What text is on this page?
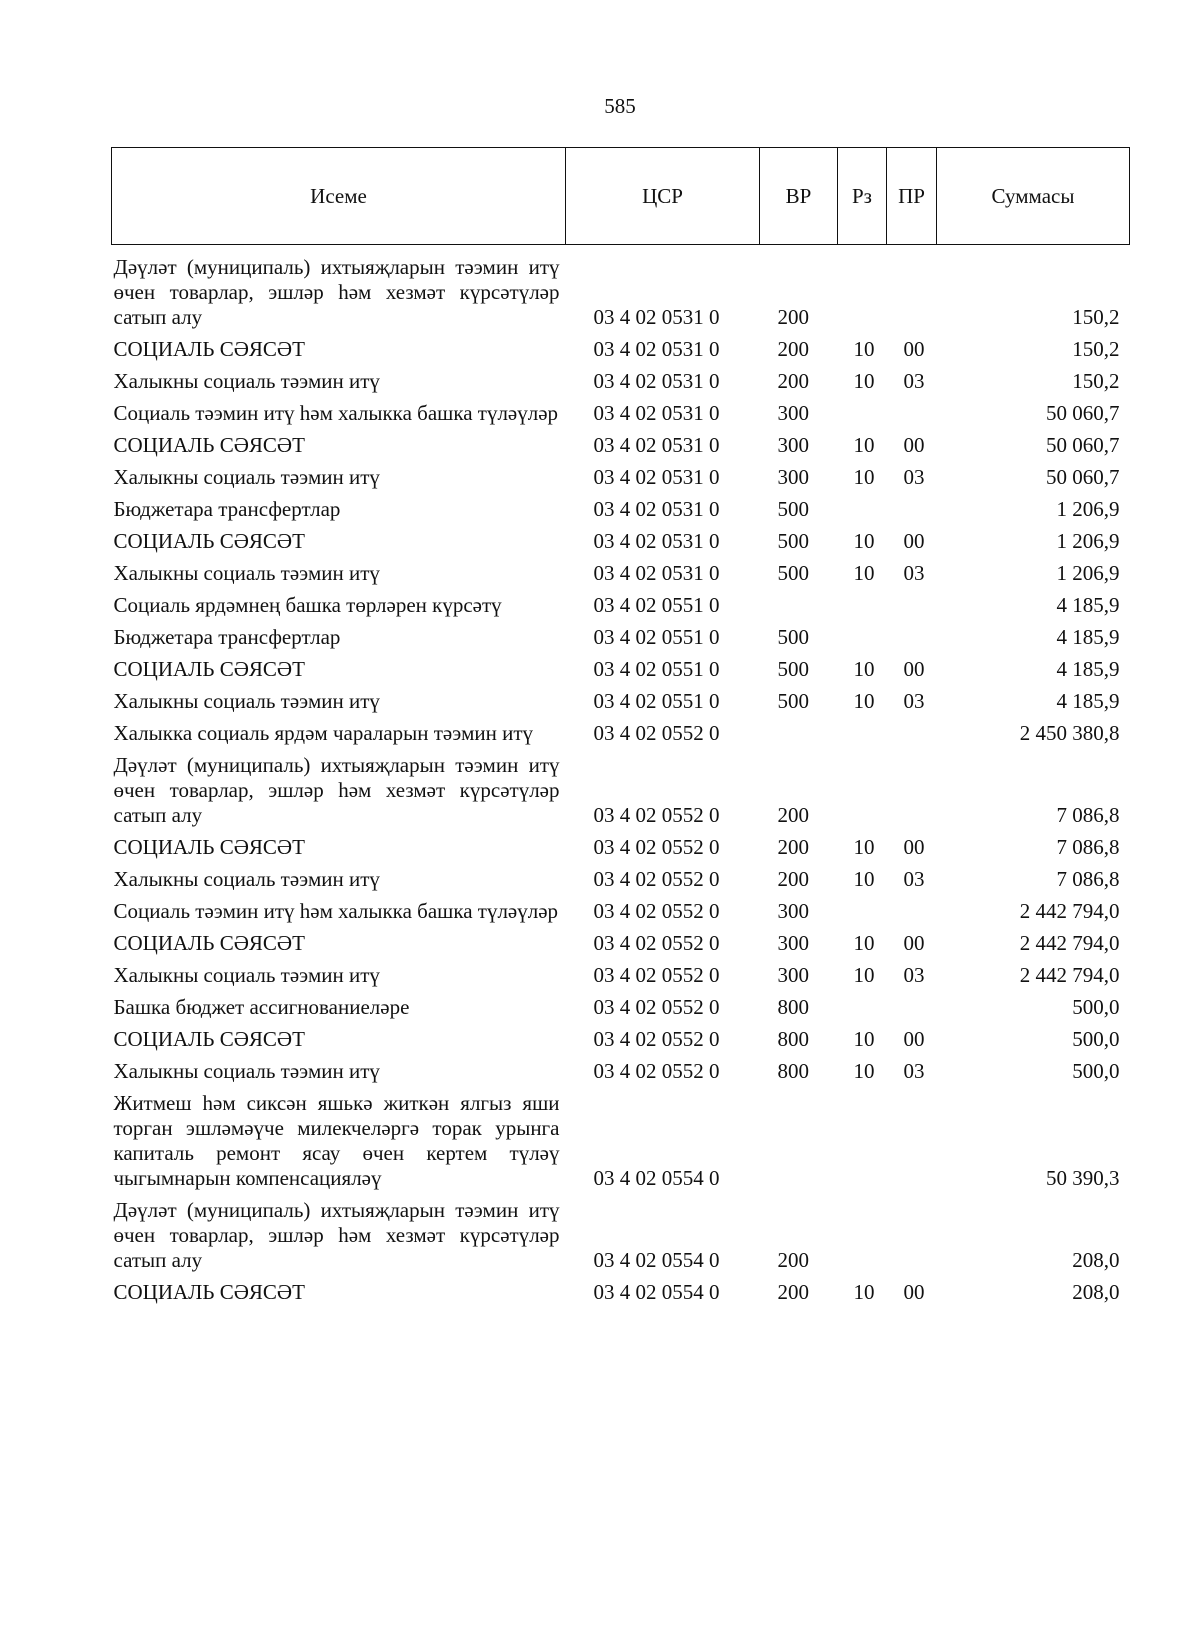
585
Исеме	ЦСР	ВР	Рз	ПР	Суммасы

Дәүләт (муниципаль) ихтыяҗларын тәэмин итү өчен товарлар, эшләр һәм хезмәт күрсәтүләр сатып алу	03 4 02 0531 0	200			150,2

СОЦИАЛЬ СӘЯСӘТ	03 4 02 0531 0	200	10	00	150,2

Халыкны социаль тәэмин итү	03 4 02 0531 0	200	10	03	150,2

Социаль тәэмин итү һәм халыкка башка түләүләр	03 4 02 0531 0	300			50 060,7

СОЦИАЛЬ СӘЯСӘТ	03 4 02 0531 0	300	10	00	50 060,7

Халыкны социаль тәэмин итү	03 4 02 0531 0	300	10	03	50 060,7

Бюджетара трансфертлар	03 4 02 0531 0	500			1 206,9

СОЦИАЛЬ СӘЯСӘТ	03 4 02 0531 0	500	10	00	1 206,9

Халыкны социаль тәэмин итү	03 4 02 0531 0	500	10	03	1 206,9

Социаль ярдәмнең башка төрләрен күрсәтү	03 4 02 0551 0				4 185,9

Бюджетара трансфертлар	03 4 02 0551 0	500			4 185,9

СОЦИАЛЬ СӘЯСӘТ	03 4 02 0551 0	500	10	00	4 185,9

Халыкны социаль тәэмин итү	03 4 02 0551 0	500	10	03	4 185,9

Халыкка социаль ярдәм чараларын тәэмин итү	03 4 02 0552 0				2 450 380,8

Дәүләт (муниципаль) ихтыяҗларын тәэмин итү өчен товарлар, эшләр һәм хезмәт күрсәтүләр сатып алу	03 4 02 0552 0	200			7 086,8

СОЦИАЛЬ СӘЯСӘТ	03 4 02 0552 0	200	10	00	7 086,8

Халыкны социаль тәэмин итү	03 4 02 0552 0	200	10	03	7 086,8

Социаль тәэмин итү һәм халыкка башка түләүләр	03 4 02 0552 0	300			2 442 794,0

СОЦИАЛЬ СӘЯСӘТ	03 4 02 0552 0	300	10	00	2 442 794,0

Халыкны социаль тәэмин итү	03 4 02 0552 0	300	10	03	2 442 794,0

Башка бюджет ассигнованиеләре	03 4 02 0552 0	800			500,0

СОЦИАЛЬ СӘЯСӘТ	03 4 02 0552 0	800	10	00	500,0

Халыкны социаль тәэмин итү	03 4 02 0552 0	800	10	03	500,0

Житмеш һәм сиксән яшькә житкән ялгыз яши торган эшләмәүче милекчеләргә торак урынга капиталь ремонт ясау өчен кертем түләү чыгымнарын компенсацияләү	03 4 02 0554 0				50 390,3

Дәүләт (муниципаль) ихтыяҗларын тәэмин итү өчен товарлар, эшләр һәм хезмәт күрсәтүләр сатып алу	03 4 02 0554 0	200			208,0

СОЦИАЛЬ СӘЯСӘТ	03 4 02 0554 0	200	10	00	208,0
